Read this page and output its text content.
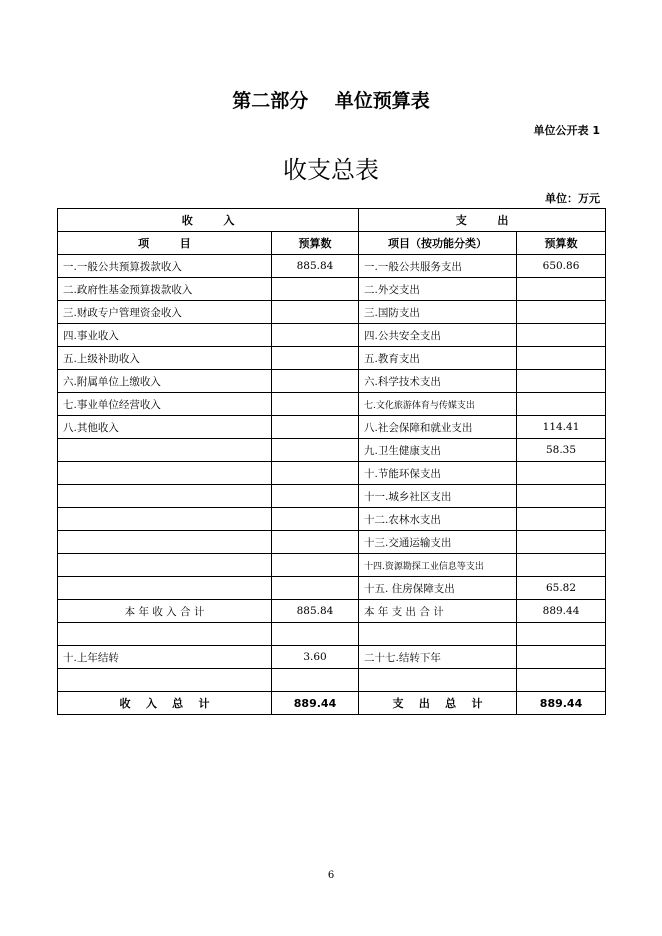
第二部分    单位预算表
单位公开表 1
收支总表
单位：万元
收        入		支        出	
项        目	预算数	项目（按功能分类）	预算数
一.一般公共预算拨款收入	885.84	一.一般公共服务支出	650.86
二.政府性基金预算拨款收入		二.外交支出	
三.财政专户管理资金收入		三.国防支出	
四.事业收入		四.公共安全支出	
五.上级补助收入		五.教育支出	
六.附属单位上缴收入		六.科学技术支出	
七.事业单位经营收入		七.文化旅游体育与传媒支出	
八.其他收入		八.社会保障和就业支出	114.41
		九.卫生健康支出	58.35
		十.节能环保支出	
		十一.城乡社区支出	
		十二.农林水支出	
		十三.交通运输支出	
		十四.资源勘探工业信息等支出	
		十五. 住房保障支出	65.82
本 年 收 入 合 计	885.84	本 年 支 出 合 计	889.44

十.上年结转	3.60	二十七.结转下年	

收    入    总    计	889.44	支    出    总    计	889.44
6
